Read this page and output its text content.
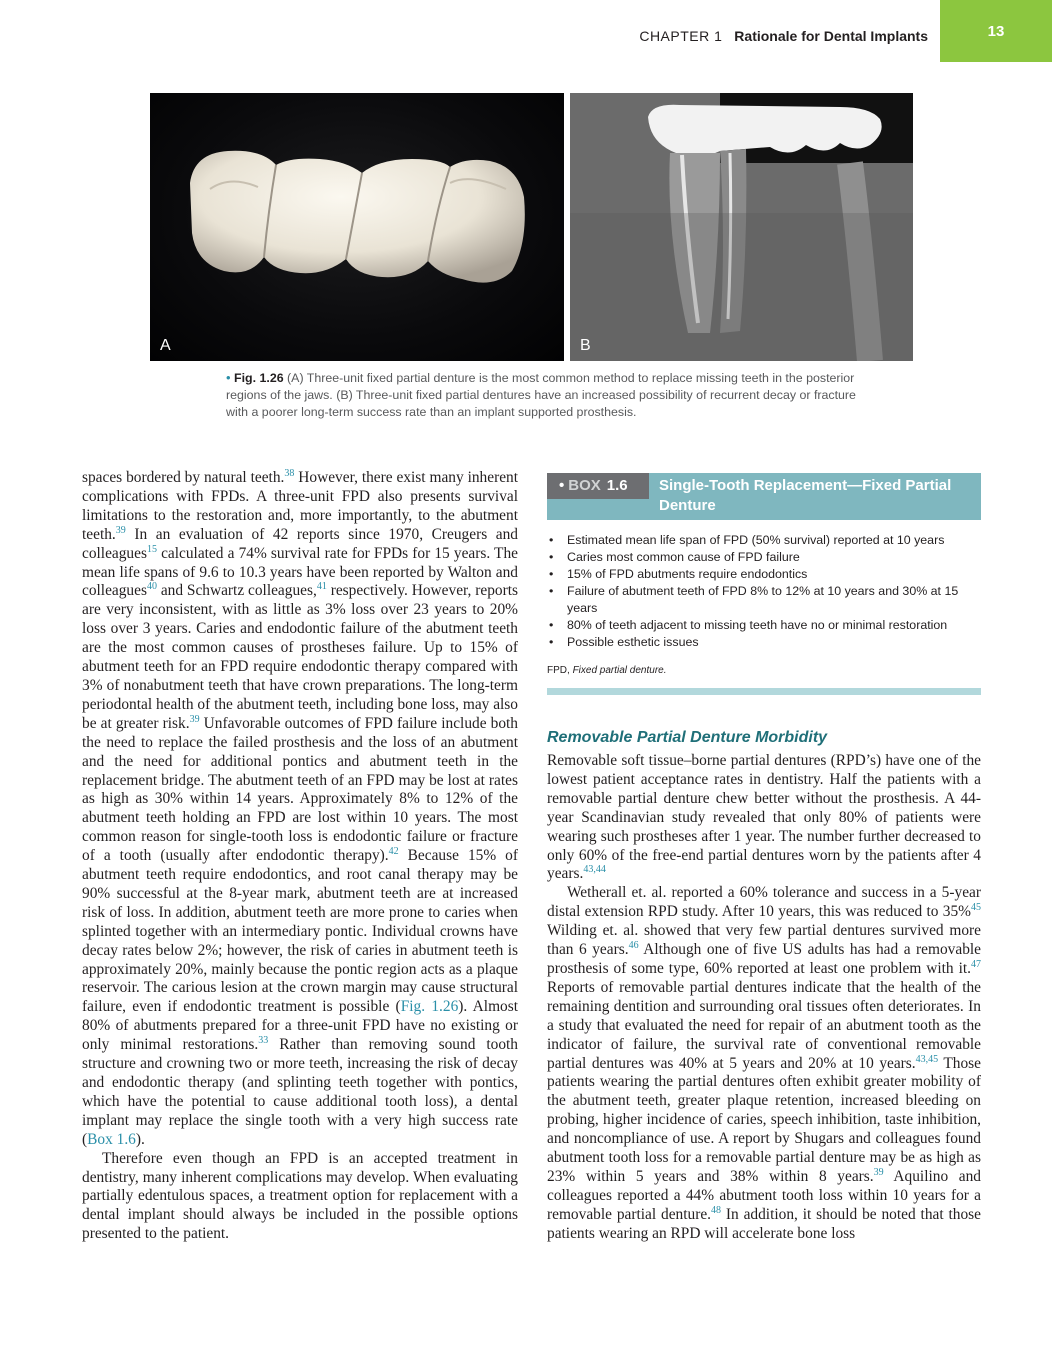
CHAPTER 1 Rationale for Dental Implants	13
A	B
• Fig. 1.26 (A) Three-unit fixed partial denture is the most common method to replace missing teeth in the posterior regions of the jaws. (B) Three-unit fixed partial dentures have an increased possibility of recurrent decay or fracture with a poorer long-term success rate than an implant supported prosthesis.

spaces bordered by natural teeth.$^{38}$ However, there exist many inherent complications with FPDs. A three-unit FPD also presents survival limitations to the restoration and, more importantly, to the abutment teeth.$^{39}$ In an evaluation of 42 reports since 1970, Creugers and colleagues$^{15}$ calculated a 74% survival rate for FPDs for 15 years. The mean life spans of 9.6 to 10.3 years have been reported by Walton and colleagues$^{40}$ and Schwartz colleagues,$^{41}$ respectively. However, reports are very inconsistent, with as little as 3% loss over 23 years to 20% loss over 3 years. Caries and endodontic failure of the abutment teeth are the most common causes of prostheses failure. Up to 15% of abutment teeth for an FPD require endodontic therapy compared with 3% of nonabutment teeth that have crown preparations. The long-term periodontal health of the abutment teeth, including bone loss, may also be at greater risk.$^{39}$ Unfavorable outcomes of FPD failure include both the need to replace the failed prosthesis and the loss of an abutment and the need for additional pontics and abutment teeth in the replacement bridge. The abutment teeth of an FPD may be lost at rates as high as 30% within 14 years. Approximately 8% to 12% of the abutment teeth holding an FPD are lost within 10 years. The most common reason for single-tooth loss is endodontic failure or fracture of a tooth (usually after endodontic therapy).$^{42}$ Because 15% of abutment teeth require endodontics, and root canal therapy may be 90% successful at the 8-year mark, abutment teeth are at increased risk of loss. In addition, abutment teeth are more prone to caries when splinted together with an intermediary pontic. Individual crowns have decay rates below 2%; however, the risk of caries in abutment teeth is approximately 20%, mainly because the pontic region acts as a plaque reservoir. The carious lesion at the crown margin may cause structural failure, even if endodontic treatment is possible (Fig. 1.26). Almost 80% of abutments prepared for a three-unit FPD have no existing or only minimal restorations.$^{33}$ Rather than removing sound tooth structure and crowning two or more teeth, increasing the risk of decay and endodontic therapy (and splinting teeth together with pontics, which have the potential to cause additional tooth loss), a dental implant may replace the single tooth with a very high success rate (Box 1.6).

Therefore even though an FPD is an accepted treatment in dentistry, many inherent complications may develop. When evaluating partially edentulous spaces, a treatment option for replacement with a dental implant should always be included in the possible options presented to the patient.

• BOX 1.6	Single-Tooth Replacement—Fixed Partial Denture
• Estimated mean life span of FPD (50% survival) reported at 10 years
• Caries most common cause of FPD failure
• 15% of FPD abutments require endodontics
• Failure of abutment teeth of FPD 8% to 12% at 10 years and 30% at 15 years
• 80% of teeth adjacent to missing teeth have no or minimal restoration
• Possible esthetic issues
FPD, Fixed partial denture.
Removable Partial Denture Morbidity

Removable soft tissue–borne partial dentures (RPD’s) have one of the lowest patient acceptance rates in dentistry. Half the patients with a removable partial denture chew better without the prosthesis. A 44-year Scandinavian study revealed that only 80% of patients were wearing such prostheses after 1 year. The number further decreased to only 60% of the free-end partial dentures worn by the patients after 4 years.$^{43,44}$

Wetherall et. al. reported a 60% tolerance and success in a 5-year distal extension RPD study. After 10 years, this was reduced to 35%$^{45}$ Wilding et. al. showed that very few partial dentures survived more than 6 years.$^{46}$ Although one of five US adults has had a removable prosthesis of some type, 60% reported at least one problem with it.$^{47}$ Reports of removable partial dentures indicate that the health of the remaining dentition and surrounding oral tissues often deteriorates. In a study that evaluated the need for repair of an abutment tooth as the indicator of failure, the survival rate of conventional removable partial dentures was 40% at 5 years and 20% at 10 years.$^{43,45}$ Those patients wearing the partial dentures often exhibit greater mobility of the abutment teeth, greater plaque retention, increased bleeding on probing, higher incidence of caries, speech inhibition, taste inhibition, and noncompliance of use. A report by Shugars and colleagues found abutment tooth loss for a removable partial denture may be as high as 23% within 5 years and 38% within 8 years.$^{39}$ Aquilino and colleagues reported a 44% abutment tooth loss within 10 years for a removable partial denture.$^{48}$ In addition, it should be noted that those patients wearing an RPD will accelerate bone loss
